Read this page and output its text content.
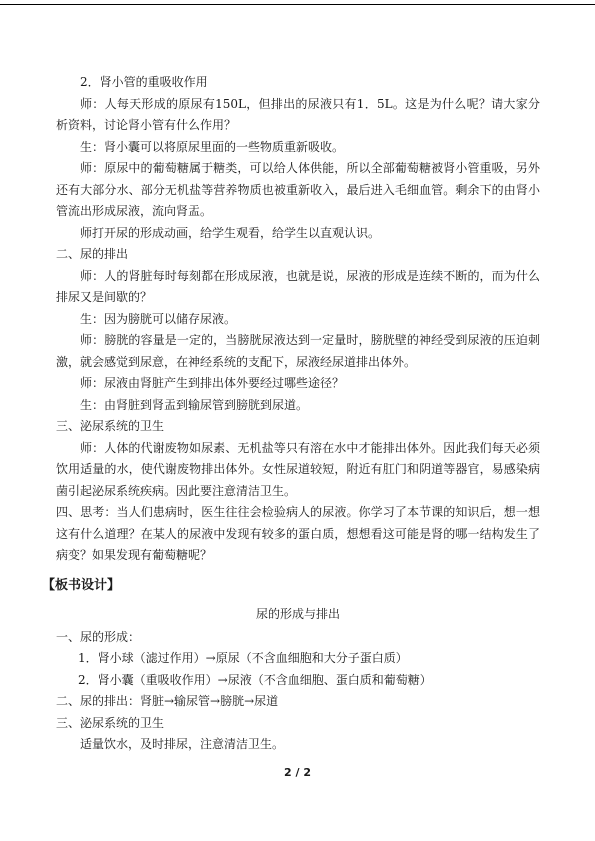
2．肾小管的重吸收作用

师：人每天形成的原尿有150L，但排出的尿液只有1．5L。这是为什么呢？请大家分析资料，讨论肾小管有什么作用？

生：肾小囊可以将原尿里面的一些物质重新吸收。

师：原尿中的葡萄糖属于糖类，可以给人体供能，所以全部葡萄糖被肾小管重吸，另外还有大部分水、部分无机盐等营养物质也被重新收入，最后进入毛细血管。剩余下的由肾小管流出形成尿液，流向肾盂。

师打开尿的形成动画，给学生观看，给学生以直观认识。

二、尿的排出

师：人的肾脏每时每刻都在形成尿液，也就是说，尿液的形成是连续不断的，而为什么排尿又是间歇的？

生：因为膀胱可以储存尿液。

师：膀胱的容量是一定的，当膀胱尿液达到一定量时，膀胱壁的神经受到尿液的压迫刺激，就会感觉到尿意，在神经系统的支配下，尿液经尿道排出体外。

师：尿液由肾脏产生到排出体外要经过哪些途径？

生：由肾脏到肾盂到输尿管到膀胱到尿道。

三、泌尿系统的卫生

师：人体的代谢废物如尿素、无机盐等只有溶在水中才能排出体外。因此我们每天必须饮用适量的水，使代谢废物排出体外。女性尿道较短，附近有肛门和阴道等器官，易感染病菌引起泌尿系统疾病。因此要注意清洁卫生。

四、思考：当人们患病时，医生往往会检验病人的尿液。你学习了本节课的知识后，想一想这有什么道理？在某人的尿液中发现有较多的蛋白质，想想看这可能是肾的哪一结构发生了病变？如果发现有葡萄糖呢？

【板书设计】
尿的形成与排出

一、尿的形成：

1．肾小球（滤过作用）→原尿（不含血细胞和大分子蛋白质）

2．肾小囊（重吸收作用）→尿液（不含血细胞、蛋白质和葡萄糖）

二、尿的排出：肾脏→输尿管→膀胱→尿道

三、泌尿系统的卫生

适量饮水，及时排尿，注意清洁卫生。

2 / 2
